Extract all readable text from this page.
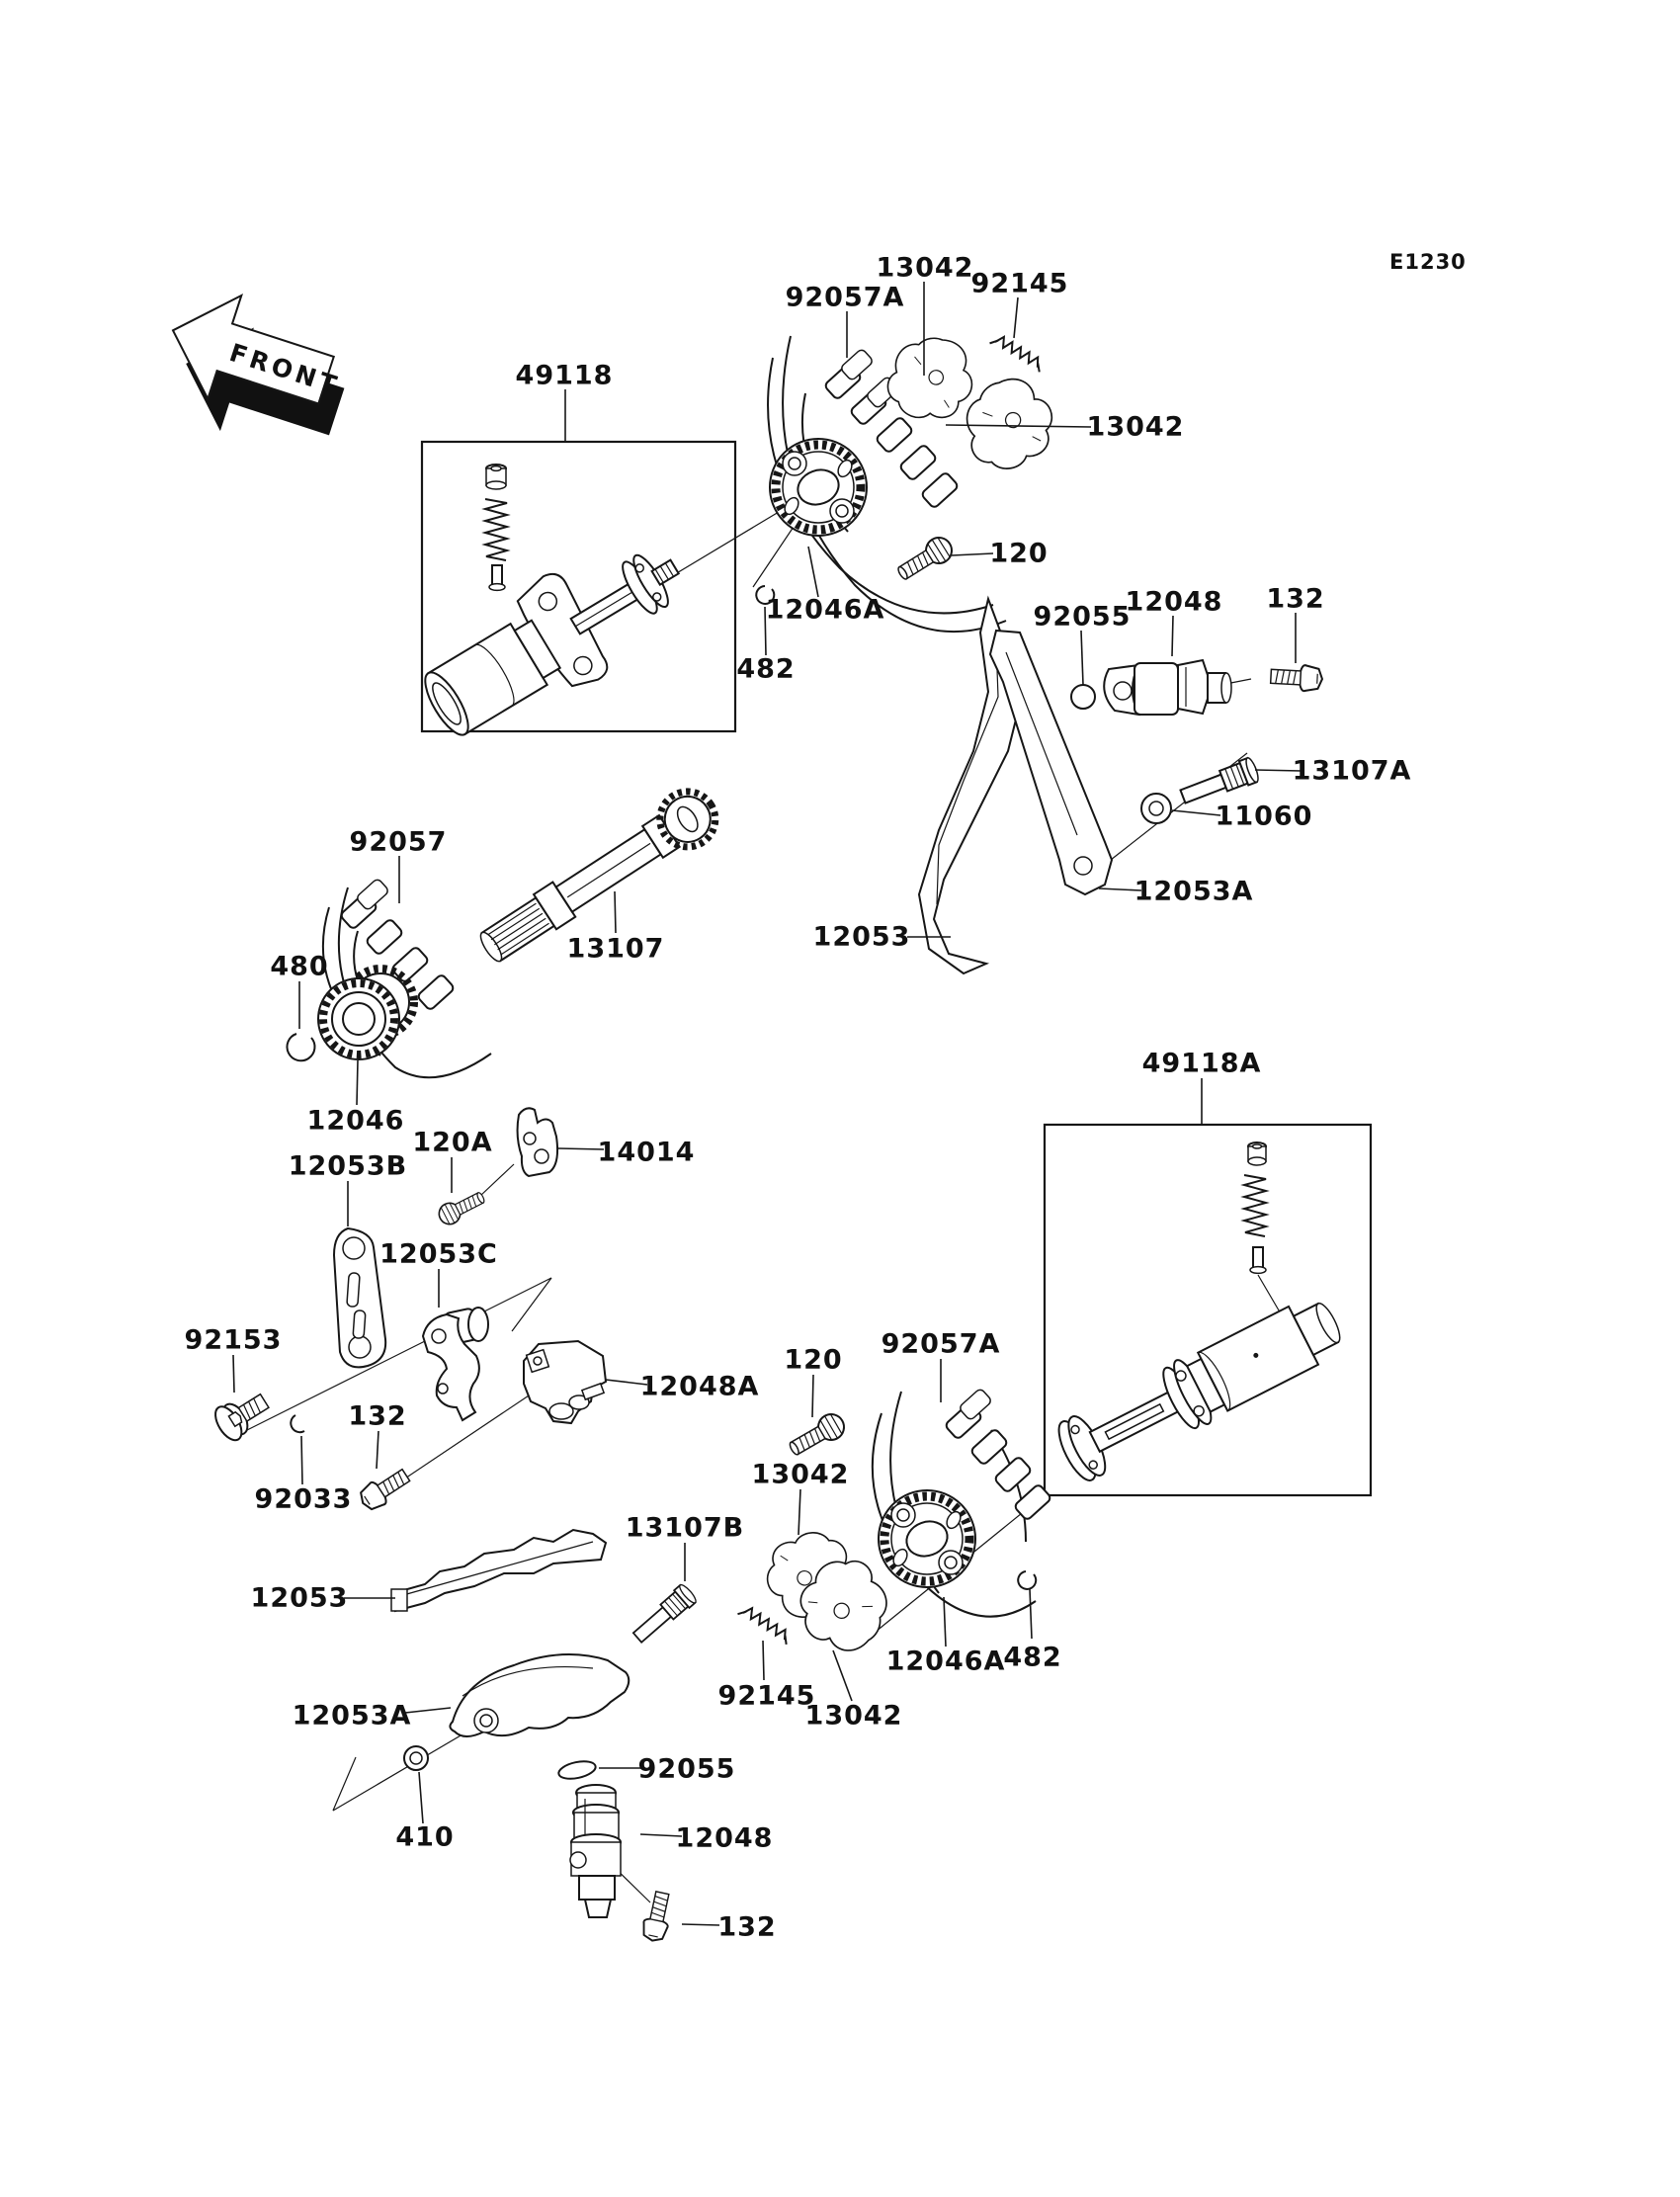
FRONT
E1230
49118
92057A
13042
92145
13042
120
12046A
482
92055
12048 132
13107A
11060
12053A
12053
92057
13107
480
12046
12053B
120A	14014
12053C
92153
132
92033
12048A
120
92057A
13042
13107B
49118A
12053
12053A
410
92055
12048
132
92145
13042
12046A
482
